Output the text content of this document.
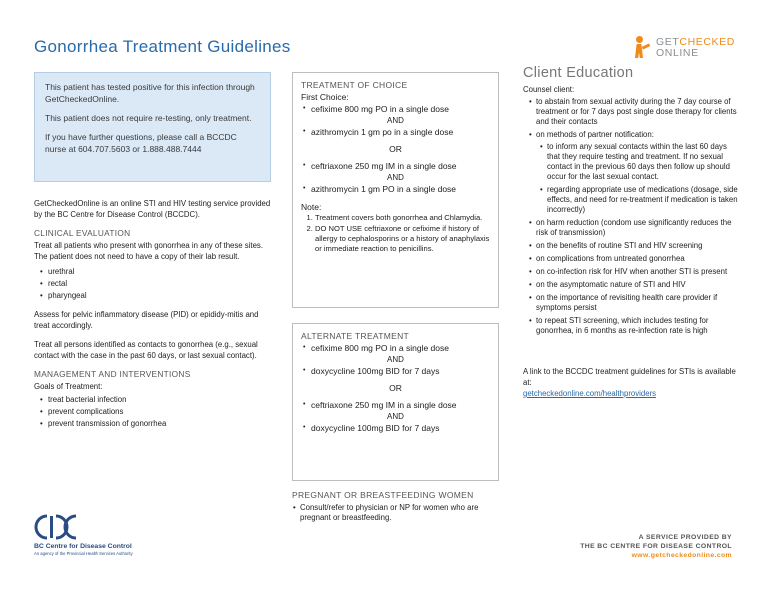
Gonorrhea Treatment Guidelines	GETCHECKED
ONLINE

This patient has tested positive for this infection through GetCheckedOnline.

This patient does not require re-testing, only treatment.

If you have further questions, please call a BCCDC nurse at 604.707.5603 or 1.888.488.7444

GetCheckedOnline is an online STI and HIV testing service provided by the BC Centre for Disease Control (BCCDC).

CLINICAL EVALUATION

Treat all patients who present with gonorrhea in any of these sites. The patient does not need to have a copy of their lab result.

• urethral
• rectal
• pharyngeal

Assess for pelvic inflammatory disease (PID) or epididy-mitis and treat accordingly.

Treat all persons identified as contacts to gonorrhea (e.g., sexual contact with the case in the past 60 days, or last sexual contact).

MANAGEMENT AND INTERVENTIONS
Goals of Treatment:
• treat bacterial infection
• prevent complications
• prevent transmission of gonorrhea
TREATMENT OF CHOICE
First Choice:
• cefixime 800 mg PO in a single dose
AND
• azithromycin 1 gm po in a single dose
OR
• ceftriaxone 250 mg IM in a single dose
AND
• azithromycin 1 gm PO in a single dose
Note:
1. Treatment covers both gonorrhea and Chlamydia.
2. DO NOT USE ceftriaxone or cefixime if history of allergy to cephalosporins or a history of anaphylaxis or immediate reaction to penicillins.
ALTERNATE TREATMENT
• cefixime 800 mg PO in a single dose
AND
• doxycycline 100mg BID for 7 days
OR
• ceftriaxone 250 mg IM in a single dose
AND
• doxycycline 100mg BID for 7 days
PREGNANT OR BREASTFEEDING WOMEN
• Consult/refer to physician or NP for women who are pregnant or breastfeeding.
Client Education
Counsel client:
• to abstain from sexual activity during the 7 day course of treatment or for 7 days post single dose therapy for clients and their contacts
• on methods of partner notification:
• to inform any sexual contacts within the last 60 days that they require testing and treatment. If no sexual contact in the previous 60 days then follow up should occur for the last sexual contact.
• regarding appropriate use of medications (dosage, side effects, and need for re-treatment if medication is taken incorrectly)
• on harm reduction (condom use significantly reduces the risk of transmission)
• on the benefits of routine STI and HIV screening
• on complications from untreated gonorrhea
• on co-infection risk for HIV when another STI is present
• on the asymptomatic nature of STI and HIV
• on the importance of revisiting health care provider if symptoms persist
• to repeat STI screening, which includes testing for gonorrhea, in 6 months as re-infection rate is high
A link to the BCCDC treatment guidelines for STIs is available at:
getcheckedonline.com/healthproviders
BC Centre for Disease Control
An agency of the Provincial Health Services Authority
A SERVICE PROVIDED BY
THE BC CENTRE FOR DISEASE CONTROL
www.getcheckedonline.com
